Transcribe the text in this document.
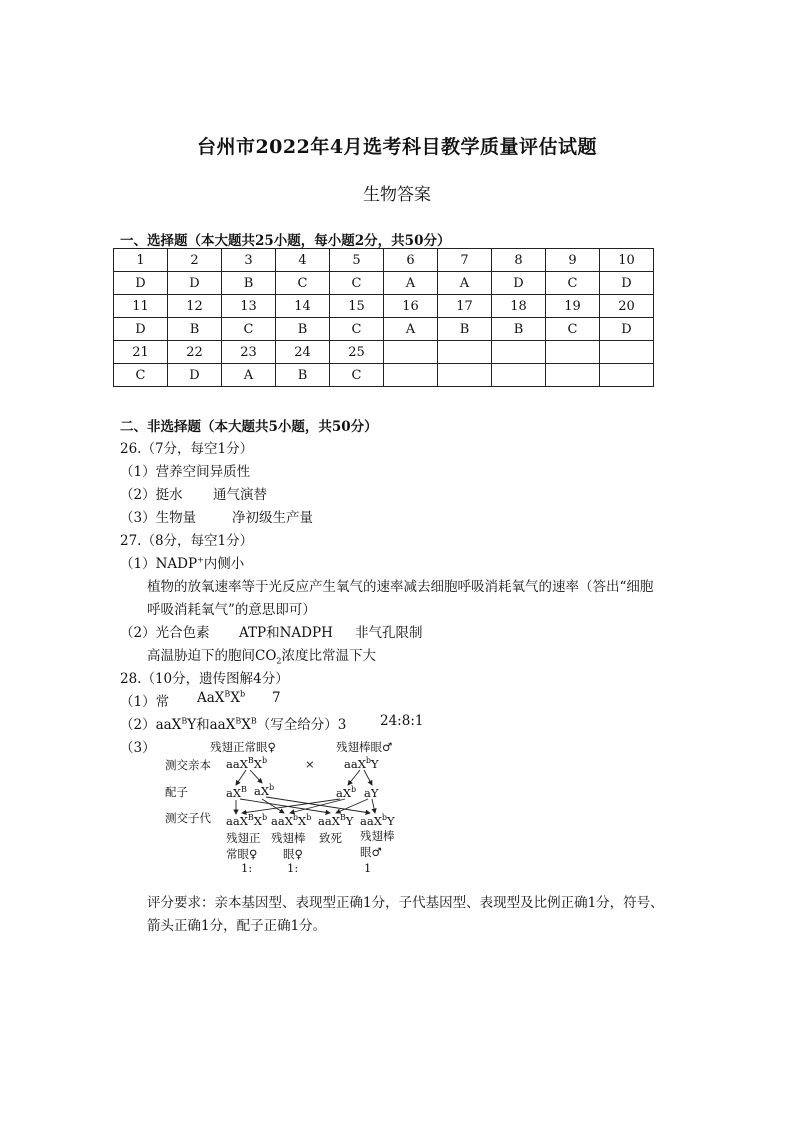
台州市2022年4月选考科目教学质量评估试题
生物答案
一、选择题（本大题共25小题，每小题2分，共50分）
1	2	3	4	5	6	7	8	9	10
D	D	B	C	C	A	A	D	C	D
11	12	13	14	15	16	17	18	19	20
D	B	C	B	C	A	B	B	C	D
21	22	23	24	25					
C	D	A	B	C					
二、非选择题（本大题共5小题，共50分）
26.（7分，每空1分）
（1）营养空间异质性
（2）挺水 通气演替
（3）生物量	净初级生产量
27.（8分，每空1分）
（1）NADP+内侧小
植物的放氧速率等于光反应产生氧气的速率减去细胞呼吸消耗氧气的速率（答出“细胞
呼吸消耗氧气”的意思即可）
（2）光合色素 ATP和NADPH 非气孔限制
高温胁迫下的胞间$CO_2$浓度比常温下大
28.（10分，遗传图解4分）
（1）常 $AaX^BX^b$ 7
（2）aaX$^B$Y和$aaX^BX^B$（写全给分）3 24:8:1
（3）	残翅正常眼♀	残翅棒眼♂
测交亲本 $aaX^BX^b$	×	aaX$^b$Y
配子	$aX^B$ $aX^b$	$aX^b$ aY
测交子代 $aaX^BX^b$ $aaX^bX^b$ aaX$^B$Y aaX$^b$Y
残翅正
常眼♀
残翅棒
眼♀
致死 残翅棒
眼♂
1:	1:	1
评分要求：亲本基因型、表现型正确1分，子代基因型、表现型及比例正确1分，符号、
箭头正确1分，配子正确1分。
